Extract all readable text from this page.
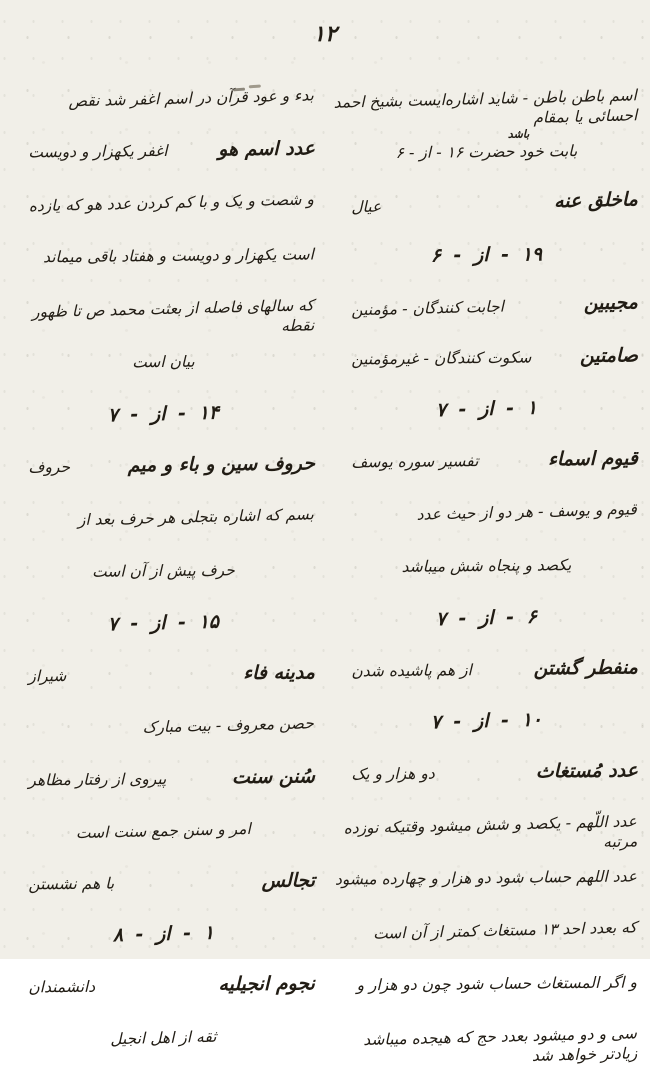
۱۲
اسم باطن باطن - شاید اشاره‌ایست بشیخ احمد احسائی یا بمقام
بابت خود حضرت ۱۶ - از - ۶
باشد
ماخلق عنه
عیال
۱۹ - از - ۶
مجیبین
اجابت کنندگان - مؤمنین
صامتین
سکوت کنندگان - غیرمؤمنین
۱ - از - ۷
قیوم اسماء
تفسیر سوره یوسف
قیوم و یوسف - هر دو از حیث عدد
یکصد و پنجاه شش میباشد
۶ - از - ۷
منفطر گشتن
از هم پاشیده شدن
۱۰ - از - ۷
عدد مُستغاث
دو هزار و یک
عدد اللّهم - یکصد و شش میشود وقتیکه نوزده مرتبه
عدد اللهم حساب شود دو هزار و چهارده میشود
که بعدد احد ۱۳ مستغاث کمتر از آن است
و اگر المستغاث حساب شود چون دو هزار و
سی و دو میشود بعدد حج که هیجده میباشد زیادتر خواهد شد
بدء و عود قرآن در اسم اغفر شد نقص
عدد اسم هو
اغفر یکهزار و دویست
و شصت و یک و با کم کردن عدد هو که یازده
است یکهزار و دویست و هفتاد باقی میماند
که سالهای فاصله از بعثت محمد ص تا ظهور نقطه
بیان است
۱۴ - از - ۷
حروف سین و باء و میم
حروف
بسم که اشاره بتجلی هر حرف بعد از
حرف پیش از آن است
۱۵ - از - ۷
مدینه فاء
شیراز
حصن معروف - بیت مبارک
سُنن سنت
پیروی از رفتار مظاهر
امر و سنن جمع سنت است
تجالس
با هم نشستن
۱ - از - ۸
نجوم انجیلیه
دانشمندان
ثقه از اهل انجیل
